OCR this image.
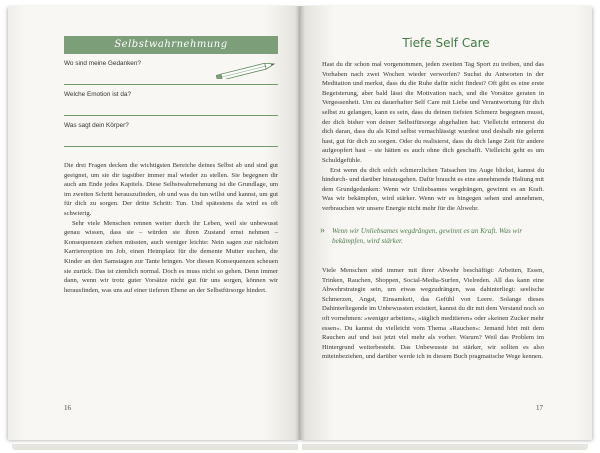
Selbstwahrnehmung
Wo sind meine Gedanken?
Welche Emotion ist da?
Was sagt dein Körper?

Die drei Fragen decken die wichtigsten Bereiche deines Selbst ab und sind gut geeignet, um sie dir tagsüber immer mal wieder zu stellen. Sie begegnen dir auch am Ende jedes Kapitels. Diese Selbstwahrnehmung ist die Grundlage, um im zweiten Schritt herauszufinden, ob und was du tun willst und kannst, um gut für dich zu sorgen. Der dritte Schritt: Tun. Und spätestens da wird es oft schwierig.

Sehr viele Menschen rennen weiter durch ihr Leben, weil sie unbewusst genau wissen, dass sie – würden sie ihren Zustand ernst nehmen – Konsequenzen ziehen müssten, auch weniger leichte: Nein sagen zur nächsten Karriereoption im Job, einen Heimplatz für die demente Mutter suchen, die Kinder an den Samstagen zur Tante bringen. Vor diesen Konsequenzen scheuen sie zurück. Das ist ziemlich normal. Doch es muss nicht so gehen. Denn immer dann, wenn wir trotz guter Vorsätze nicht gut für uns sorgen, können wir herausfinden, was uns auf einer tieferen Ebene an der Selbstfürsorge hindert.

16
Tiefe Self Care

Hast du dir schon mal vorgenommen, jeden zweiten Tag Sport zu treiben, und das Vorhaben nach zwei Wochen wieder verworfen? Suchst du Antworten in der Meditation und merkst, dass du die Ruhe dafür nicht findest? Oft gibt es eine erste Begeisterung, aber bald lässt die Motivation nach, und die Vorsätze geraten in Vergessenheit. Um zu dauerhafter Self Care mit Liebe und Verantwortung für dich selbst zu gelangen, kann es sein, dass du deinen tiefsten Schmerz begegnen musst, der dich bisher von deiner Selbstfürsorge abgehalten hat: Vielleicht erinnerst du dich daran, dass du als Kind selbst vernachlässigt wurdest und deshalb nie gelernt hast, gut für dich zu sorgen. Oder du realisierst, dass du dich lange Zeit für andere aufgeopfert hast – sie hätten es auch ohne dich geschafft. Vielleicht geht es um Schuldgefühle.

Erst wenn du dich solch schmerzlichen Tatsachen ins Auge blickst, kannst du hindurch- und darüber hinausgehen. Dafür braucht es eine annehmende Haltung mit dem Grundgedanken: Wenn wir Unliebsames wegdrängen, gewinnt es an Kraft. Was wir bekämpfen, wird stärker. Wenn wir es hingegen sehen und annehmen, verbrauchen wir unsere Energie nicht mehr für die Abwehr.

» Wenn wir Unliebsames wegdrängen, gewinnt es an Kraft. Was wir bekämpfen, wird stärker.

Viele Menschen sind immer mit ihrer Abwehr beschäftigt: Arbeiten, Essen, Trinken, Rauchen, Shoppen, Social-Media-Surfen, Vielreden. All das kann eine Abwehrstrategie sein, um etwas wegzudrängen, was dahinterliegt: seelische Schmerzen, Angst, Einsamkeit, das Gefühl von Leere. Solange dieses Dahinterliegende im Unbewussten existiert, kannst du dir mit dem Verstand noch so oft vornehmen: »weniger arbeiten«, »täglich meditieren« oder »keinen Zucker mehr essen«. Du kannst du vielleicht vom Thema »Rauchen«: Jemand hört mit dem Rauchen auf und isst jetzt viel mehr als vorher. Warum? Weil das Problem im Hintergrund weiterbesteht. Das Unbewusste ist stärker, wir sollten es also miteinbeziehen, und darüber werde ich in diesem Buch pragmatische Wege kennen.

17
